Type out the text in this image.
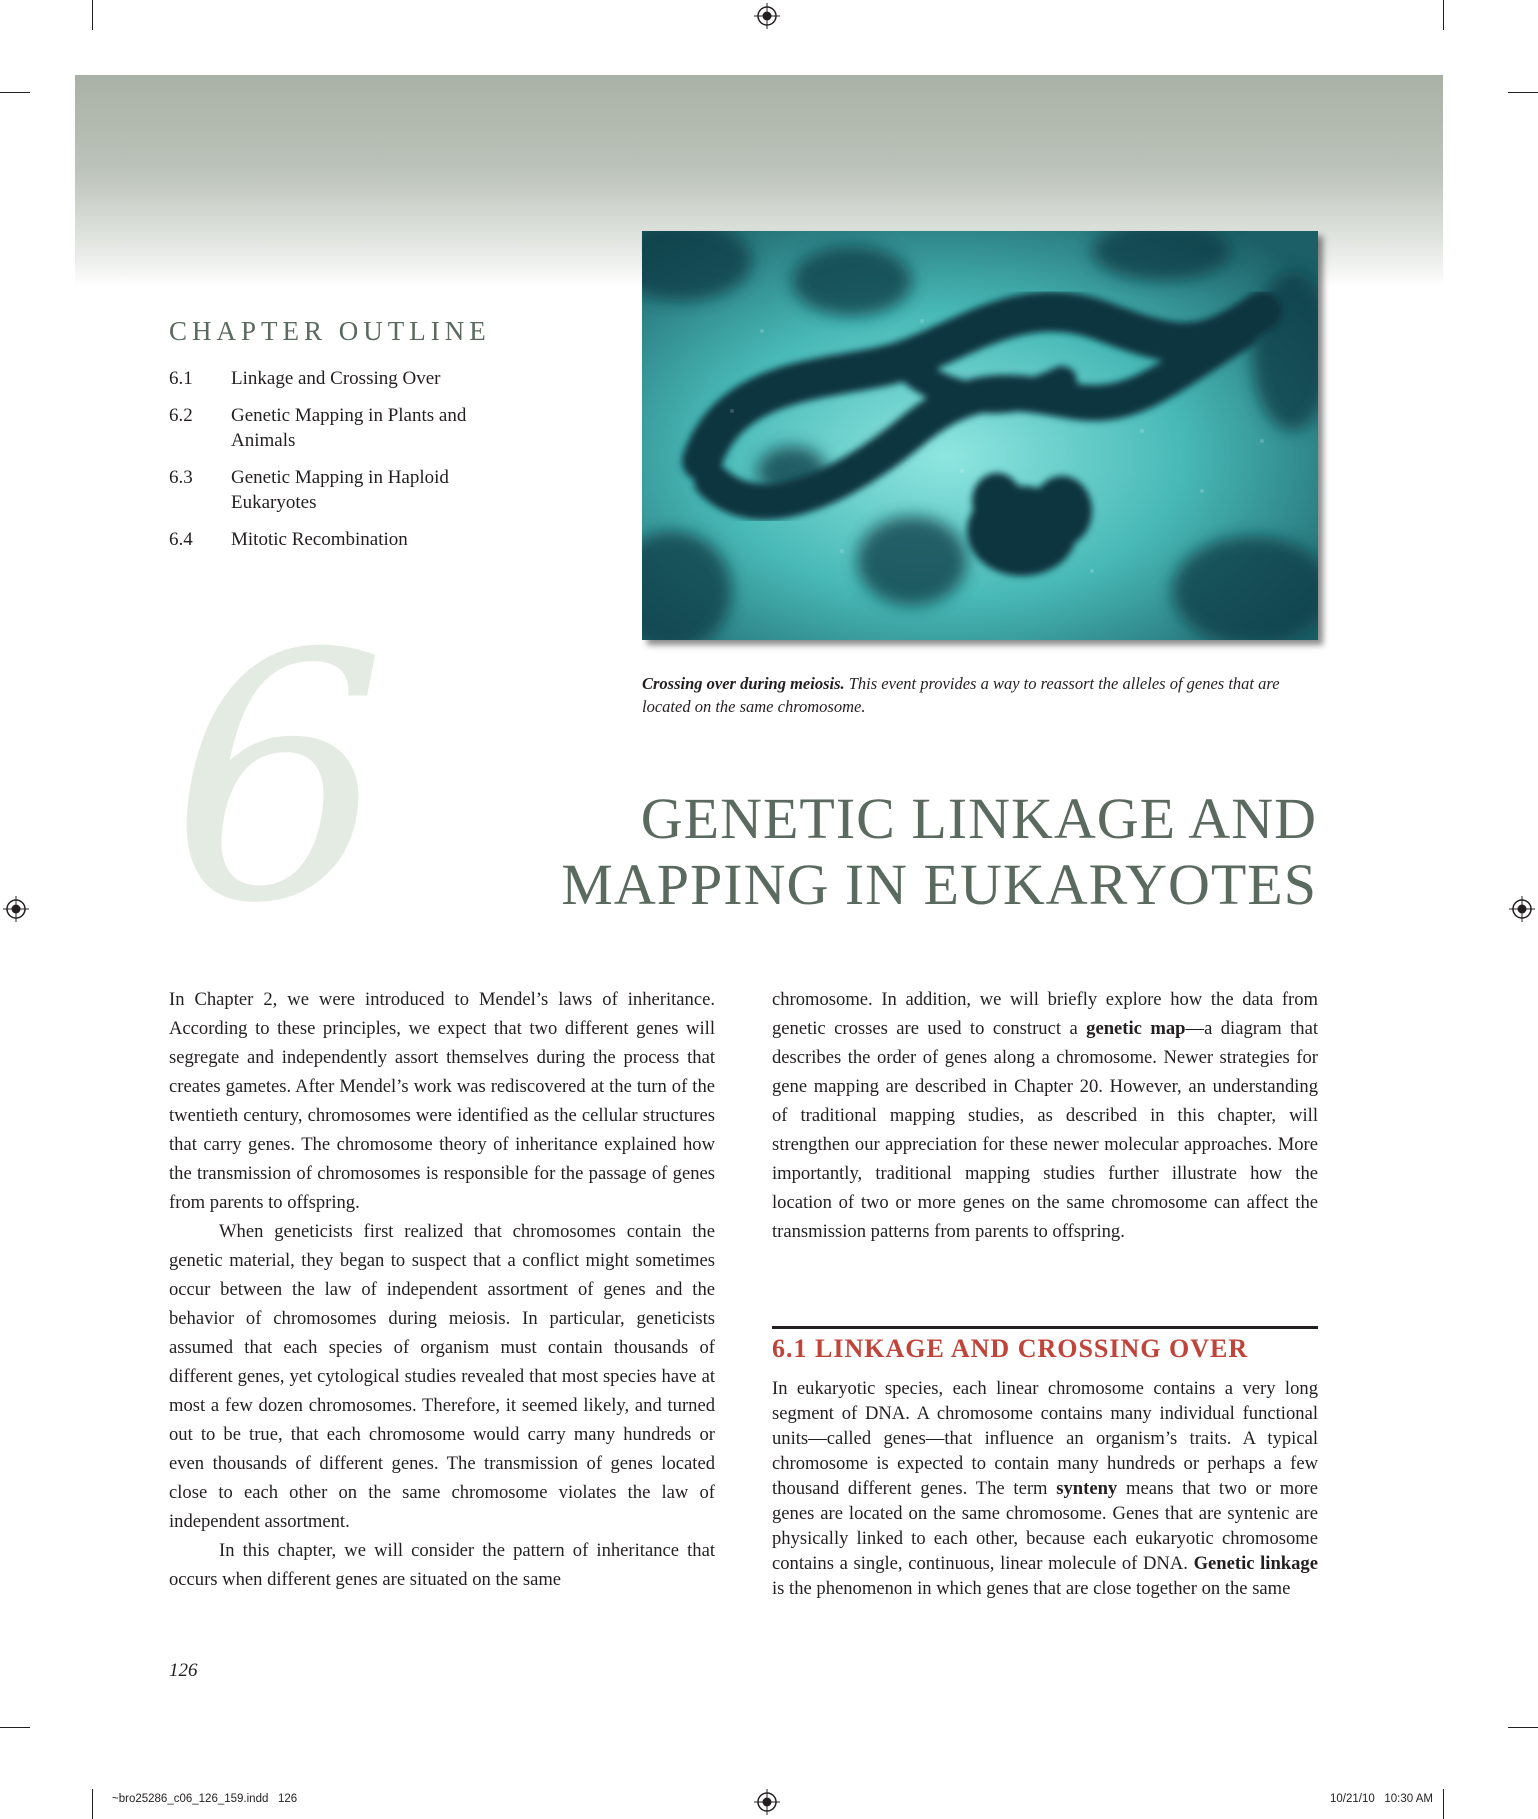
CHAPTER OUTLINE
6.1	Linkage and Crossing Over
6.2	Genetic Mapping in Plants and Animals
6.3	Genetic Mapping in Haploid Eukaryotes
6.4	Mitotic Recombination
Crossing over during meiosis. This event provides a way to reassort the alleles of genes that are located on the same chromosome.
6	GENETIC LINKAGE AND
MAPPING IN EUKARYOTES

In Chapter 2, we were introduced to Mendel’s laws of inheritance. According to these principles, we expect that two different genes will segregate and independently assort themselves during the process that creates gametes. After Mendel’s work was rediscovered at the turn of the twentieth century, chromosomes were identified as the cellular structures that carry genes. The chromosome theory of inheritance explained how the transmission of chromosomes is responsible for the passage of genes from parents to offspring.

When geneticists first realized that chromosomes contain the genetic material, they began to suspect that a conflict might sometimes occur between the law of independent assortment of genes and the behavior of chromosomes during meiosis. In particular, geneticists assumed that each species of organism must contain thousands of different genes, yet cytological studies revealed that most species have at most a few dozen chromosomes. Therefore, it seemed likely, and turned out to be true, that each chromosome would carry many hundreds or even thousands of different genes. The transmission of genes located close to each other on the same chromosome violates the law of independent assortment.

In this chapter, we will consider the pattern of inheritance that occurs when different genes are situated on the same

chromosome. In addition, we will briefly explore how the data from genetic crosses are used to construct a genetic map—a diagram that describes the order of genes along a chromosome. Newer strategies for gene mapping are described in Chapter 20. However, an understanding of traditional mapping studies, as described in this chapter, will strengthen our appreciation for these newer molecular approaches. More importantly, traditional mapping studies further illustrate how the location of two or more genes on the same chromosome can affect the transmission patterns from parents to offspring.

6.1 LINKAGE AND CROSSING OVER

In eukaryotic species, each linear chromosome contains a very long segment of DNA. A chromosome contains many individual functional units—called genes—that influence an organism’s traits. A typical chromosome is expected to contain many hundreds or perhaps a few thousand different genes. The term synteny means that two or more genes are located on the same chromosome. Genes that are syntenic are physically linked to each other, because each eukaryotic chromosome contains a single, continuous, linear molecule of DNA. Genetic linkage is the phenomenon in which genes that are close together on the same

126
~bro25286_c06_126_159.indd   126	10/21/10   10:30 AM
